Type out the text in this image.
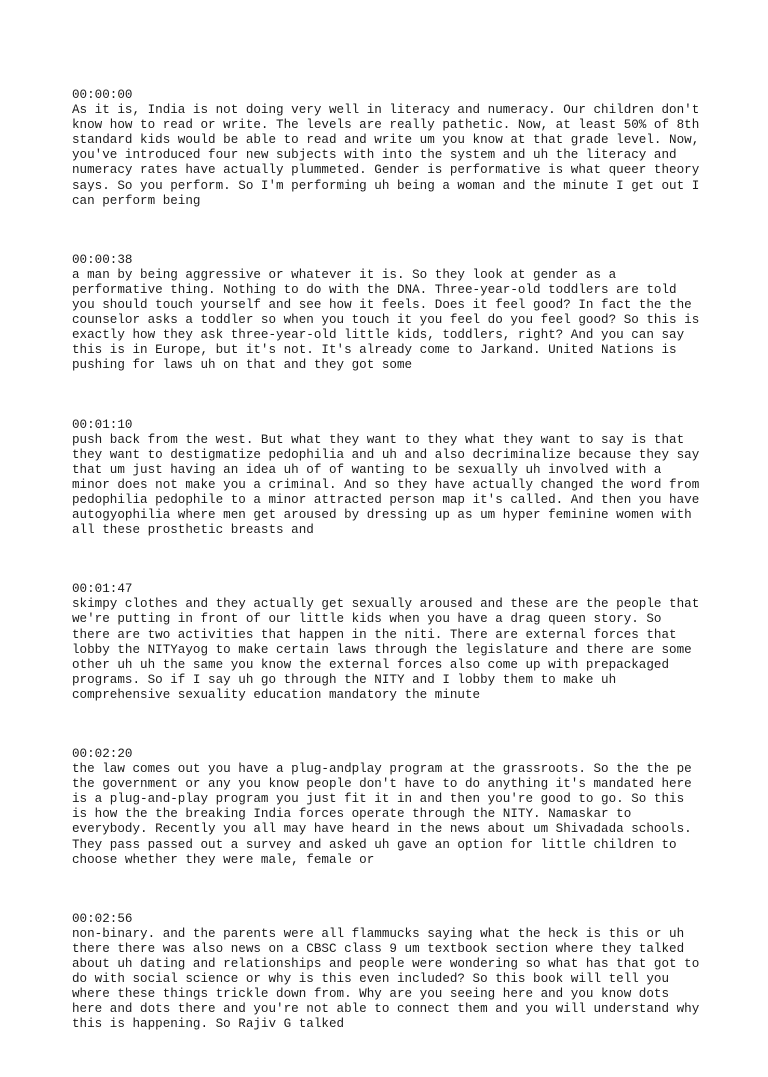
00:00:00
As it is, India is not doing very well in literacy and numeracy. Our children don't
know how to read or write. The levels are really pathetic. Now, at least 50% of 8th
standard kids would be able to read and write um you know at that grade level. Now,
you've introduced four new subjects with into the system and uh the literacy and
numeracy rates have actually plummeted. Gender is performative is what queer theory
says. So you perform. So I'm performing uh being a woman and the minute I get out I
can perform being
00:00:38
a man by being aggressive or whatever it is. So they look at gender as a
performative thing. Nothing to do with the DNA. Three-year-old toddlers are told
you should touch yourself and see how it feels. Does it feel good? In fact the the
counselor asks a toddler so when you touch it you feel do you feel good? So this is
exactly how they ask three-year-old little kids, toddlers, right? And you can say
this is in Europe, but it's not. It's already come to Jarkand. United Nations is
pushing for laws uh on that and they got some
00:01:10
push back from the west. But what they want to they what they want to say is that
they want to destigmatize pedophilia and uh and also decriminalize because they say
that um just having an idea uh of of wanting to be sexually uh involved with a
minor does not make you a criminal. And so they have actually changed the word from
pedophilia pedophile to a minor attracted person map it's called. And then you have
autogyophilia where men get aroused by dressing up as um hyper feminine women with
all these prosthetic breasts and
00:01:47
skimpy clothes and they actually get sexually aroused and these are the people that
we're putting in front of our little kids when you have a drag queen story. So
there are two activities that happen in the niti. There are external forces that
lobby the NITYayog to make certain laws through the legislature and there are some
other uh uh the same you know the external forces also come up with prepackaged
programs. So if I say uh go through the NITY and I lobby them to make uh
comprehensive sexuality education mandatory the minute
00:02:20
the law comes out you have a plug-andplay program at the grassroots. So the the pe
the government or any you know people don't have to do anything it's mandated here
is a plug-and-play program you just fit it in and then you're good to go. So this
is how the the breaking India forces operate through the NITY. Namaskar to
everybody. Recently you all may have heard in the news about um Shivadada schools.
They pass passed out a survey and asked uh gave an option for little children to
choose whether they were male, female or
00:02:56
non-binary. and the parents were all flammucks saying what the heck is this or uh
there there was also news on a CBSC class 9 um textbook section where they talked
about uh dating and relationships and people were wondering so what has that got to
do with social science or why is this even included? So this book will tell you
where these things trickle down from. Why are you seeing here and you know dots
here and dots there and you're not able to connect them and you will understand why
this is happening. So Rajiv G talked
